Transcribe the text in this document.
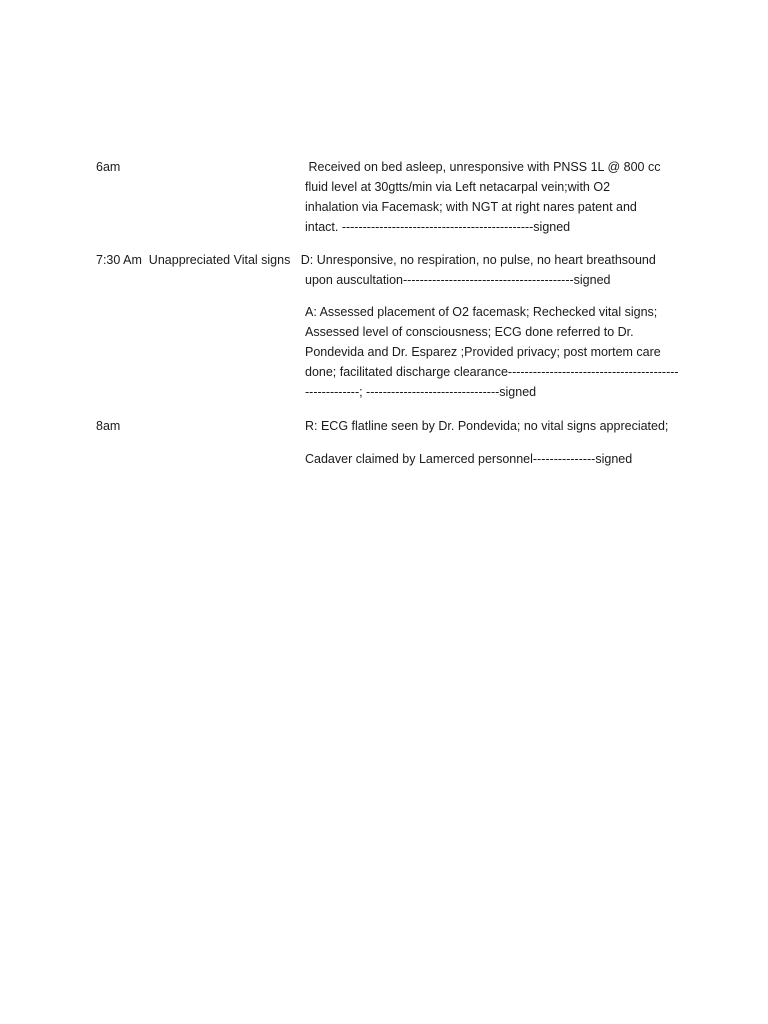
6am	Received on bed asleep, unresponsive with PNSS 1L @ 800 cc
fluid level at 30gtts/min via Left netacarpal vein;with O2
inhalation via Facemask; with NGT at right nares patent and
intact. ----------------------------------------------signed
7:30 Am  Unappreciated Vital signs   D: Unresponsive, no respiration, no pulse, no heart breathsound
upon auscultation-----------------------------------------signed
A: Assessed placement of O2 facemask; Rechecked vital signs;
Assessed level of consciousness; ECG done referred to Dr.
Pondevida and Dr. Esparez ;Provided privacy; post mortem care
done; facilitated discharge clearance-----------------------------------------
-------------; --------------------------------signed
8am	R: ECG flatline seen by Dr. Pondevida; no vital signs appreciated;
Cadaver claimed by Lamerced personnel---------------signed
